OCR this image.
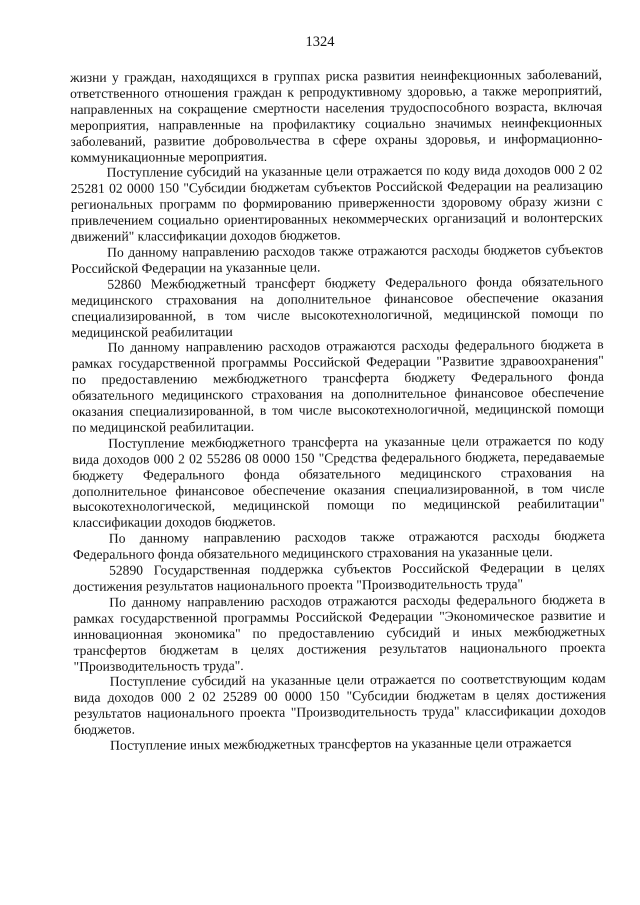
1324

жизни у граждан, находящихся в группах риска развития неинфекционных заболеваний, ответственного отношения граждан к репродуктивному здоровью, а также мероприятий, направленных на сокращение смертности населения трудоспособного возраста, включая мероприятия, направленные на профилактику социально значимых неинфекционных заболеваний, развитие добровольчества в сфере охраны здоровья, и информационно-коммуникационные мероприятия.

Поступление субсидий на указанные цели отражается по коду вида доходов 000 2 02 25281 02 0000 150 "Субсидии бюджетам субъектов Российской Федерации на реализацию региональных программ по формированию приверженности здоровому образу жизни с привлечением социально ориентированных некоммерческих организаций и волонтерских движений" классификации доходов бюджетов.

По данному направлению расходов также отражаются расходы бюджетов субъектов Российской Федерации на указанные цели.

52860 Межбюджетный трансферт бюджету Федерального фонда обязательного медицинского страхования на дополнительное финансовое обеспечение оказания специализированной, в том числе высокотехнологичной, медицинской помощи по медицинской реабилитации

По данному направлению расходов отражаются расходы федерального бюджета в рамках государственной программы Российской Федерации "Развитие здравоохранения" по предоставлению межбюджетного трансферта бюджету Федерального фонда обязательного медицинского страхования на дополнительное финансовое обеспечение оказания специализированной, в том числе высокотехнологичной, медицинской помощи по медицинской реабилитации.

Поступление межбюджетного трансферта на указанные цели отражается по коду вида доходов 000 2 02 55286 08 0000 150 "Средства федерального бюджета, передаваемые бюджету Федерального фонда обязательного медицинского страхования на дополнительное финансовое обеспечение оказания специализированной, в том числе высокотехнологической, медицинской помощи по медицинской реабилитации" классификации доходов бюджетов.

По данному направлению расходов также отражаются расходы бюджета Федерального фонда обязательного медицинского страхования на указанные цели.

52890 Государственная поддержка субъектов Российской Федерации в целях достижения результатов национального проекта "Производительность труда"

По данному направлению расходов отражаются расходы федерального бюджета в рамках государственной программы Российской Федерации "Экономическое развитие и инновационная экономика" по предоставлению субсидий и иных межбюджетных трансфертов бюджетам в целях достижения результатов национального проекта "Производительность труда".

Поступление субсидий на указанные цели отражается по соответствующим кодам вида доходов 000 2 02 25289 00 0000 150 "Субсидии бюджетам в целях достижения результатов национального проекта "Производительность труда" классификации доходов бюджетов.

Поступление иных межбюджетных трансфертов на указанные цели отражается
